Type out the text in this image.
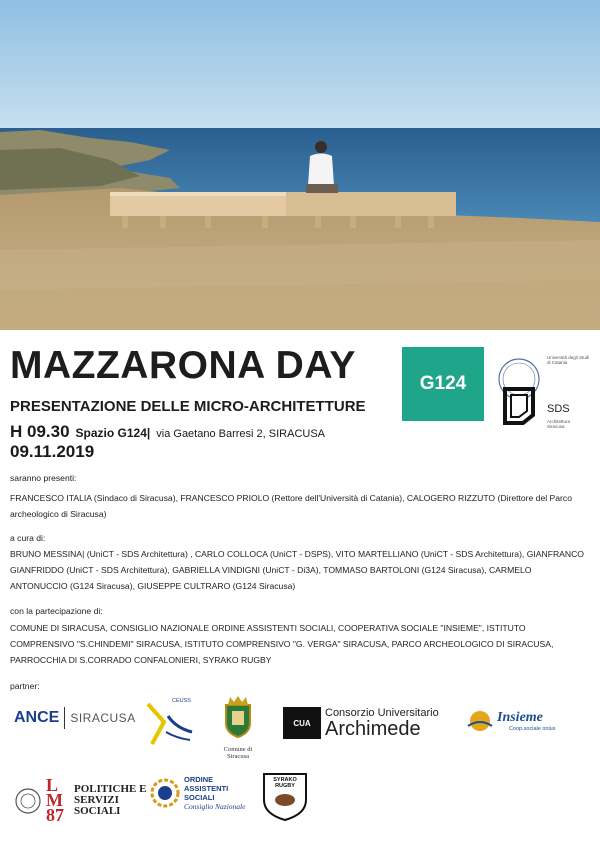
MAZZARONA DAY
PRESENTAZIONE DELLE MICRO-ARCHITETTURE
H 09.30 Spazio G124| via Gaetano Barresi 2, SIRACUSA
09.11.2019
G124
Università degli Studi di Catania
SDS
Architettura Siracusa
saranno presenti:
FRANCESCO ITALIA (Sindaco di Siracusa), FRANCESCO PRIOLO (Rettore dell'Università di Catania), CALOGERO RIZZUTO (Direttore del Parco archeologico di Siracusa)
a cura di:
BRUNO MESSINA| (UniCT - SDS Architettura) , CARLO COLLOCA (UniCT - DSPS), VITO MARTELLIANO (UniCT - SDS Architettura), GIANFRANCO GIANFRIDDO (UniCT - SDS Architettura), GABRIELLA VINDIGNI (UniCT - Di3A), TOMMASO BARTOLONI (G124 Siracusa), CARMELO ANTONUCCIO (G124 Siracusa), GIUSEPPE CULTRARO (G124 Siracusa)
con la partecipazione di:
COMUNE DI SIRACUSA, CONSIGLIO NAZIONALE ORDINE ASSISTENTI SOCIALI, COOPERATIVA SOCIALE "INSIEME", ISTITUTO COMPRENSIVO "S.CHINDEMI" SIRACUSA, ISTITUTO COMPRENSIVO "G. VERGA" SIRACUSA, PARCO ARCHEOLOGICO DI SIRACUSA, PARROCCHIA DI S.CORRADO CONFALONIERI, SYRAKO RUGBY
partner:
ANCE SIRACUSA
CEUSS
Comune di Siracusa
CUA
Consorzio Universitario
Archimede
Insieme
Coop.sociale onlus
LM 87
POLITICHE E SERVIZI SOCIALI
ORDINE
ASSISTENTI
SOCIALI
Consiglio Nazionale
SYRAKO RUGBY
